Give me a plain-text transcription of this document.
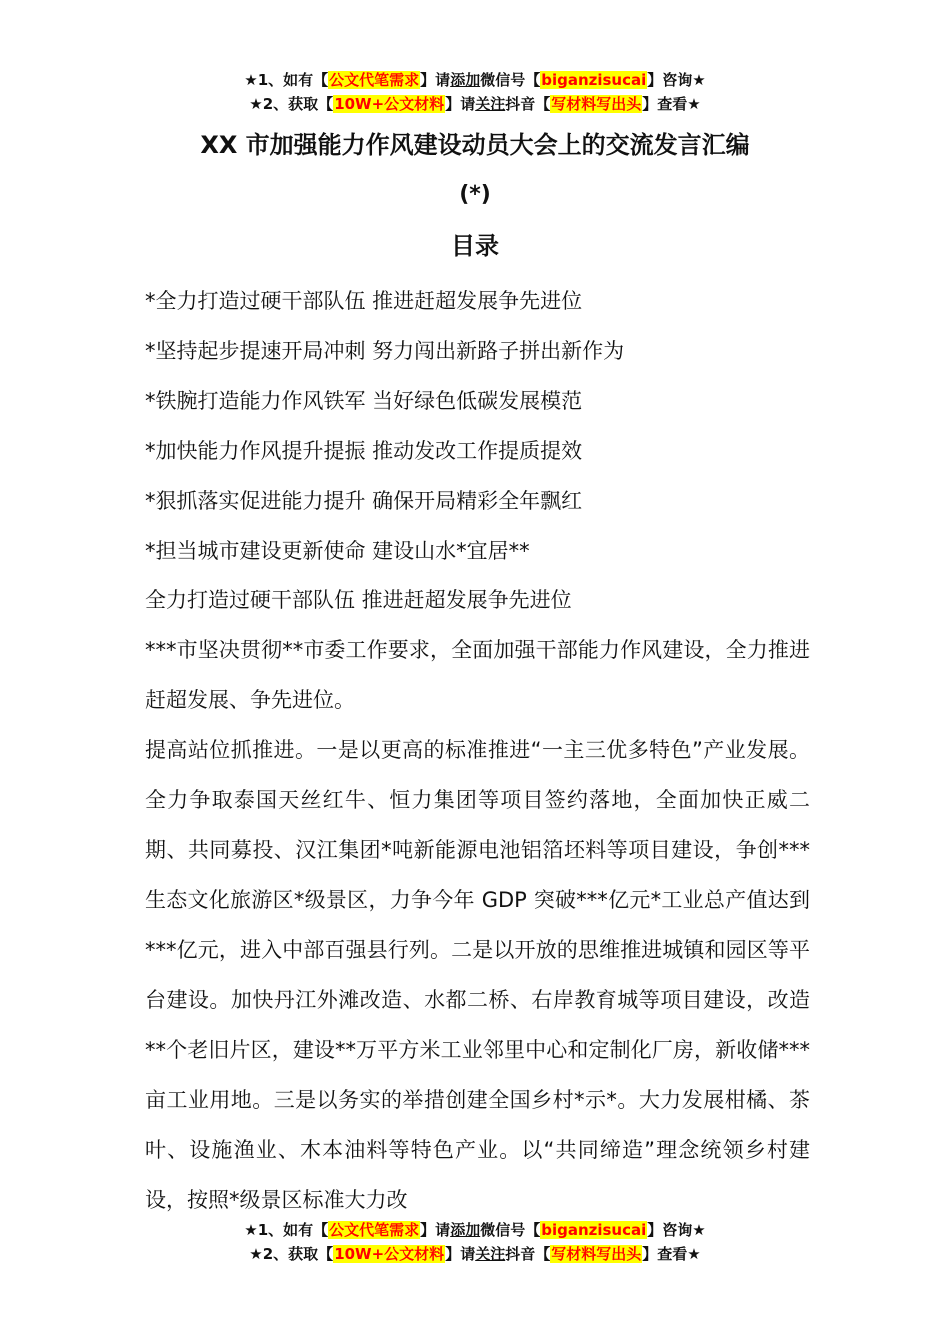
★1、如有【公文代笔需求】请添加微信号【biganzisucai】咨询★
★2、获取【10W+公文材料】请关注抖音【写材料写出头】查看★
XX 市加强能力作风建设动员大会上的交流发言汇编
(*)
目录
*全力打造过硬干部队伍 推进赶超发展争先进位
*坚持起步提速开局冲刺 努力闯出新路子拼出新作为
*铁腕打造能力作风铁军 当好绿色低碳发展模范
*加快能力作风提升提振 推动发改工作提质提效
*狠抓落实促进能力提升 确保开局精彩全年飘红
*担当城市建设更新使命 建设山水*宜居**

全力打造过硬干部队伍 推进赶超发展争先进位

***市坚决贯彻**市委工作要求，全面加强干部能力作风建设，全力推进赶超发展、争先进位。

提高站位抓推进。一是以更高的标准推进“一主三优多特色”产业发展。全力争取泰国天丝红牛、恒力集团等项目签约落地，全面加快正威二期、共同募投、汉江集团*吨新能源电池铝箔坯料等项目建设，争创***生态文化旅游区*级景区，力争今年 GDP 突破***亿元*工业总产值达到***亿元，进入中部百强县行列。二是以开放的思维推进城镇和园区等平台建设。加快丹江外滩改造、水都二桥、右岸教育城等项目建设，改造**个老旧片区，建设**万平方米工业邻里中心和定制化厂房，新收储***亩工业用地。三是以务实的举措创建全国乡村*示*。大力发展柑橘、茶叶、设施渔业、木本油料等特色产业。以“共同缔造”理念统领乡村建设，按照*级景区标准大力改

★1、如有【公文代笔需求】请添加微信号【biganzisucai】咨询★
★2、获取【10W+公文材料】请关注抖音【写材料写出头】查看★
